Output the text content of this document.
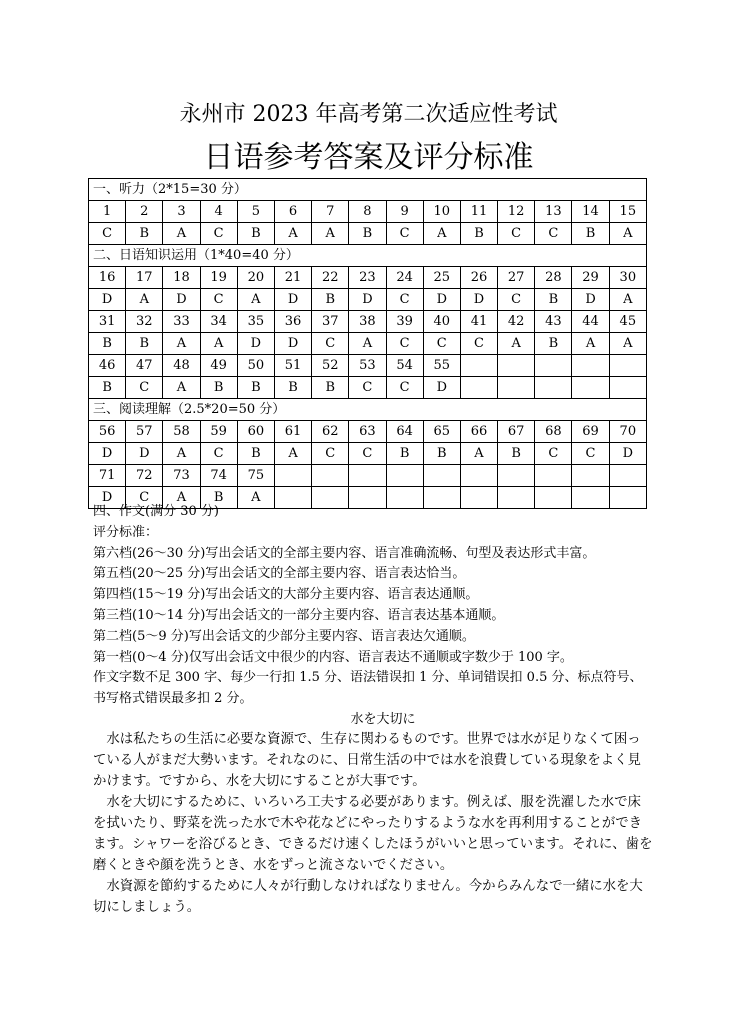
永州市 2023 年高考第二次适应性考试
日语参考答案及评分标准
一、听力（2*15=30 分）														
1	2	3	4	5	6	7	8	9	10	11	12	13	14	15
C	B	A	C	B	A	A	B	C	A	B	C	C	B	A
二、日语知识运用（1*40=40 分）														
16	17	18	19	20	21	22	23	24	25	26	27	28	29	30
D	A	D	C	A	D	B	D	C	D	D	C	B	D	A
31	32	33	34	35	36	37	38	39	40	41	42	43	44	45
B	B	A	A	D	D	C	A	C	C	C	A	B	A	A
46	47	48	49	50	51	52	53	54	55					
B	C	A	B	B	B	B	C	C	D					
三、阅读理解（2.5*20=50 分）														
56	57	58	59	60	61	62	63	64	65	66	67	68	69	70
D	D	A	C	B	A	C	C	B	B	A	B	C	C	D
71	72	73	74	75										
D	C	A	B	A										

四、作文(满分 30 分)

评分标准：

第六档(26～30 分)写出会话文的全部主要内容、语言准确流畅、句型及表达形式丰富。

第五档(20～25 分)写出会话文的全部主要内容、语言表达恰当。

第四档(15～19 分)写出会话文的大部分主要内容、语言表达通顺。

第三档(10～14 分)写出会话文的一部分主要内容、语言表达基本通顺。

第二档(5～9 分)写出会话文的少部分主要内容、语言表达欠通顺。

第一档(0～4 分)仅写出会话文中很少的内容、语言表达不通顺或字数少于 100 字。

作文字数不足 300 字、每少一行扣 1.5 分、语法错误扣 1 分、单词错误扣 0.5 分、标点符号、

书写格式错误最多扣 2 分。

水を大切に

水は私たちの生活に必要な資源で、生存に関わるものです。世界では水が足りなくて困っている人がまだ大勢います。それなのに、日常生活の中では水を浪費している現象をよく見かけます。ですから、水を大切にすることが大事です。

水を大切にするために、いろいろ工夫する必要があります。例えば、服を洗濯した水で床を拭いたり、野菜を洗った水で木や花などにやったりするような水を再利用することができます。シャワーを浴びるとき、できるだけ速くしたほうがいいと思っています。それに、歯を磨くときや顔を洗うとき、水をずっと流さないでください。

水資源を節約するために人々が行動しなければなりません。今からみんなで一緒に水を大切にしましょう。
